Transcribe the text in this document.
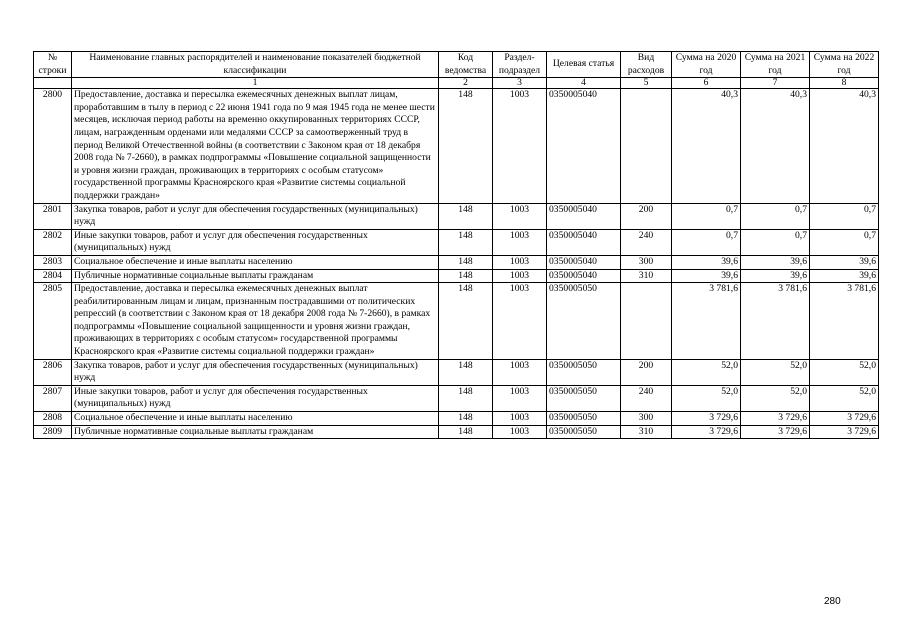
№ строки	Наименование главных распорядителей и наименование показателей бюджетной классификации	Код ведомства	Раздел-подраздел	Целевая статья	Вид расходов	Сумма на 2020 год	Сумма на 2021 год	Сумма на 2022 год
	1	2	3	4	5	6	7	8
2800	Предоставление, доставка и пересылка ежемесячных денежных выплат лицам, проработавшим в тылу в период с 22 июня 1941 года по 9 мая 1945 года не менее шести месяцев, исключая период работы на временно оккупированных территориях СССР, лицам, награжденным орденами или медалями СССР за самоотверженный труд в период Великой Отечественной войны (в соответствии с Законом края от 18 декабря 2008 года № 7-2660), в рамках подпрограммы «Повышение социальной защищенности и уровня жизни граждан, проживающих в территориях с особым статусом» государственной программы Красноярского края «Развитие системы социальной поддержки граждан»	148	1003	0350005040		40,3	40,3	40,3
2801	Закупка товаров, работ и услуг для обеспечения государственных (муниципальных) нужд	148	1003	0350005040	200	0,7	0,7	0,7
2802	Иные закупки товаров, работ и услуг для обеспечения государственных (муниципальных) нужд	148	1003	0350005040	240	0,7	0,7	0,7
2803	Социальное обеспечение и иные выплаты населению	148	1003	0350005040	300	39,6	39,6	39,6
2804	Публичные нормативные социальные выплаты гражданам	148	1003	0350005040	310	39,6	39,6	39,6
2805	Предоставление, доставка и пересылка ежемесячных денежных выплат реабилитированным лицам и лицам, признанным пострадавшими от политических репрессий (в соответствии с Законом края от 18 декабря 2008 года № 7-2660), в рамках подпрограммы «Повышение социальной защищенности и уровня жизни граждан, проживающих в территориях с особым статусом» государственной программы Красноярского края «Развитие системы социальной поддержки граждан»	148	1003	0350005050		3 781,6	3 781,6	3 781,6
2806	Закупка товаров, работ и услуг для обеспечения государственных (муниципальных) нужд	148	1003	0350005050	200	52,0	52,0	52,0
2807	Иные закупки товаров, работ и услуг для обеспечения государственных (муниципальных) нужд	148	1003	0350005050	240	52,0	52,0	52,0
2808	Социальное обеспечение и иные выплаты населению	148	1003	0350005050	300	3 729,6	3 729,6	3 729,6
2809	Публичные нормативные социальные выплаты гражданам	148	1003	0350005050	310	3 729,6	3 729,6	3 729,6
280
